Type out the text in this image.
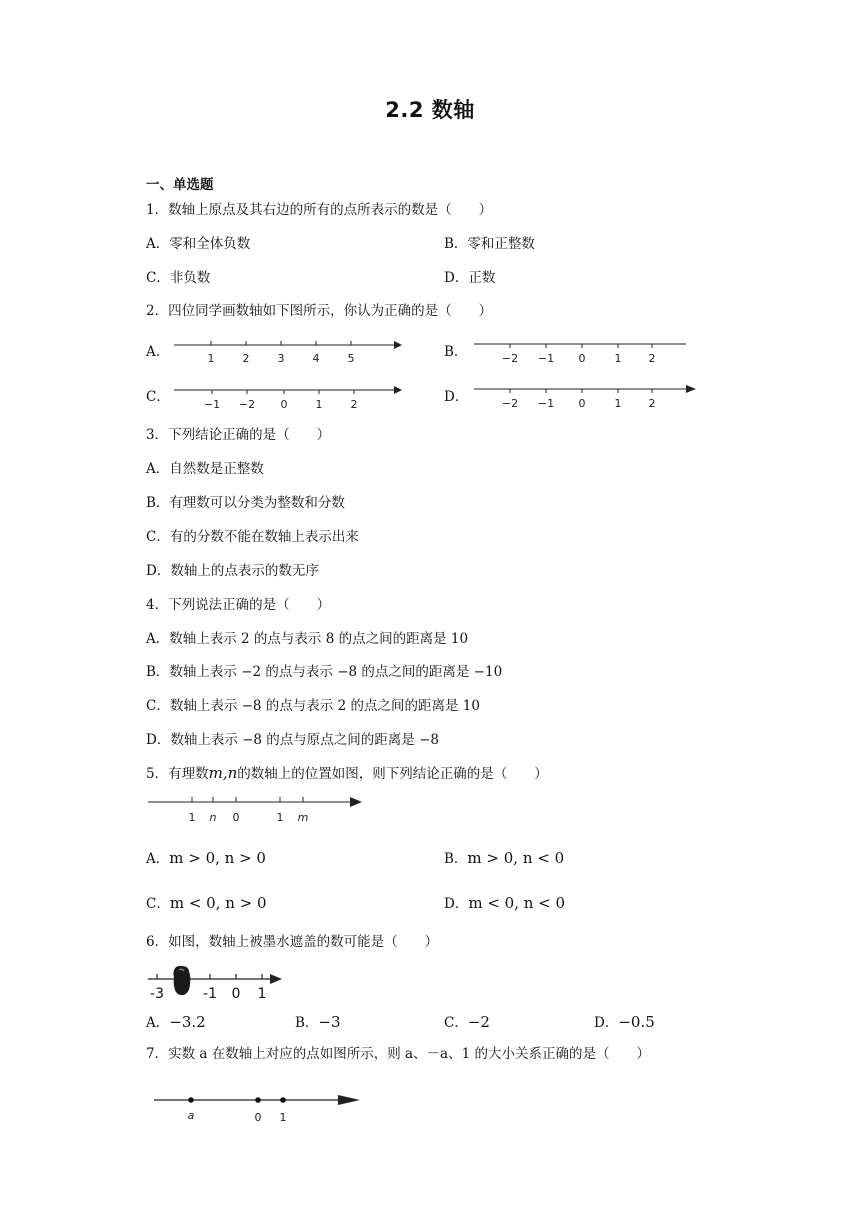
2.2 数轴
一、单选题
1．数轴上原点及其右边的所有的点所表示的数是（　　）
A．零和全体负数	B．零和正整数
C．非负数	D．正数
2．四位同学画数轴如下图所示，你认为正确的是（　　）
A．	B．
C．	D．
1	2	3	4	5	−2 −1 0	1 2
−1 −2 0	1	2	−2 −1 0	1 2
3．下列结论正确的是（　　）
A．自然数是正整数
B．有理数可以分类为整数和分数
C．有的分数不能在数轴上表示出来
D．数轴上的点表示的数无序
4．下列说法正确的是（　　）
A．数轴上表示 2 的点与表示 8 的点之间的距离是 10
B．数轴上表示 −2 的点与表示 −8 的点之间的距离是 −10
C．数轴上表示 −8 的点与表示 2 的点之间的距离是 10
D．数轴上表示 −8 的点与原点之间的距离是 −8
5．有理数m,n的数轴上的位置如图，则下列结论正确的是（　　）
1 n 0	1 m
A．m > 0, n > 0	B．m > 0, n < 0
C．m < 0, n > 0	D．m < 0, n < 0
6．如图，数轴上被墨水遮盖的数可能是（　　）
-3	-1 0 1
A．−3.2	B．−3	C．−2	D．−0.5
7．实数 a 在数轴上对应的点如图所示，则 a、－a、1 的大小关系正确的是（　　）
a	0 1
